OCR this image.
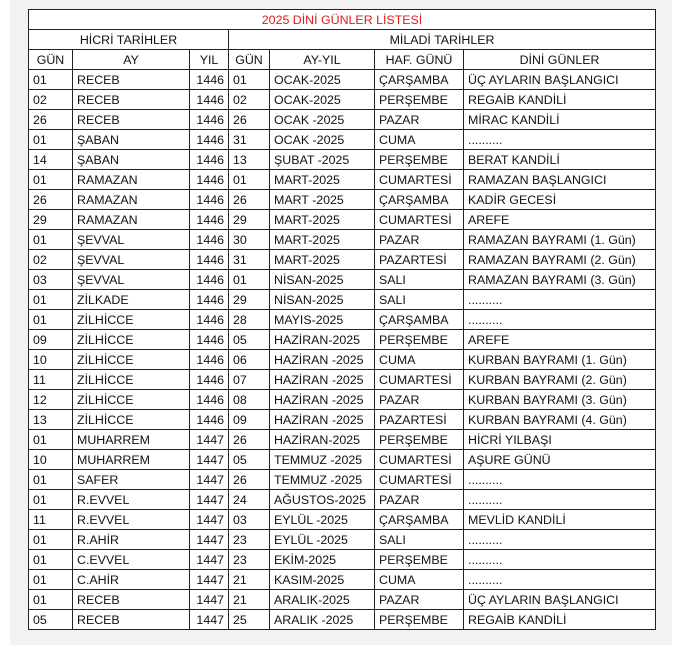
2025 DİNİ GÜNLER LİSTESİ						
HİCRİ TARİHLER			MİLADİ TARİHLER			
GÜN	AY	YIL	GÜN	AY-YIL	HAF. GÜNÜ	DİNİ GÜNLER
01	RECEB	1446	01	OCAK-2025	ÇARŞAMBA	ÜÇ AYLARIN BAŞLANGICI
02	RECEB	1446	02	OCAK-2025	PERŞEMBE	REGAİB KANDİLİ
26	RECEB	1446	26	OCAK -2025	PAZAR	MİRAC KANDİLİ
01	ŞABAN	1446	31	OCAK -2025	CUMA	..........
14	ŞABAN	1446	13	ŞUBAT -2025	PERŞEMBE	BERAT KANDİLİ
01	RAMAZAN	1446	01	MART-2025	CUMARTESİ	RAMAZAN BAŞLANGICI
26	RAMAZAN	1446	26	MART -2025	ÇARŞAMBA	KADİR GECESİ
29	RAMAZAN	1446	29	MART-2025	CUMARTESİ	AREFE
01	ŞEVVAL	1446	30	MART-2025	PAZAR	RAMAZAN BAYRAMI (1. Gün)
02	ŞEVVAL	1446	31	MART-2025	PAZARTESİ	RAMAZAN BAYRAMI (2. Gün)
03	ŞEVVAL	1446	01	NİSAN-2025	SALI	RAMAZAN BAYRAMI (3. Gün)
01	ZİLKADE	1446	29	NİSAN-2025	SALI	..........
01	ZİLHİCCE	1446	28	MAYIS-2025	ÇARŞAMBA	..........
09	ZİLHİCCE	1446	05	HAZİRAN-2025	PERŞEMBE	AREFE
10	ZİLHİCCE	1446	06	HAZİRAN -2025	CUMA	KURBAN BAYRAMI (1. Gün)
11	ZİLHİCCE	1446	07	HAZİRAN -2025	CUMARTESİ	KURBAN BAYRAMI (2. Gün)
12	ZİLHİCCE	1446	08	HAZİRAN -2025	PAZAR	KURBAN BAYRAMI (3. Gün)
13	ZİLHİCCE	1446	09	HAZİRAN -2025	PAZARTESİ	KURBAN BAYRAMI (4. Gün)
01	MUHARREM	1447	26	HAZİRAN-2025	PERŞEMBE	HİCRİ YILBAŞI
10	MUHARREM	1447	05	TEMMUZ -2025	CUMARTESİ	AŞURE GÜNÜ
01	SAFER	1447	26	TEMMUZ -2025	CUMARTESİ	..........
01	R.EVVEL	1447	24	AĞUSTOS-2025	PAZAR	..........
11	R.EVVEL	1447	03	EYLÜL -2025	ÇARŞAMBA	MEVLİD KANDİLİ
01	R.AHİR	1447	23	EYLÜL -2025	SALI	..........
01	C.EVVEL	1447	23	EKİM-2025	PERŞEMBE	..........
01	C.AHİR	1447	21	KASIM-2025	CUMA	..........
01	RECEB	1447	21	ARALIK-2025	PAZAR	ÜÇ AYLARIN BAŞLANGICI
05	RECEB	1447	25	ARALIK -2025	PERŞEMBE	REGAİB KANDİLİ
